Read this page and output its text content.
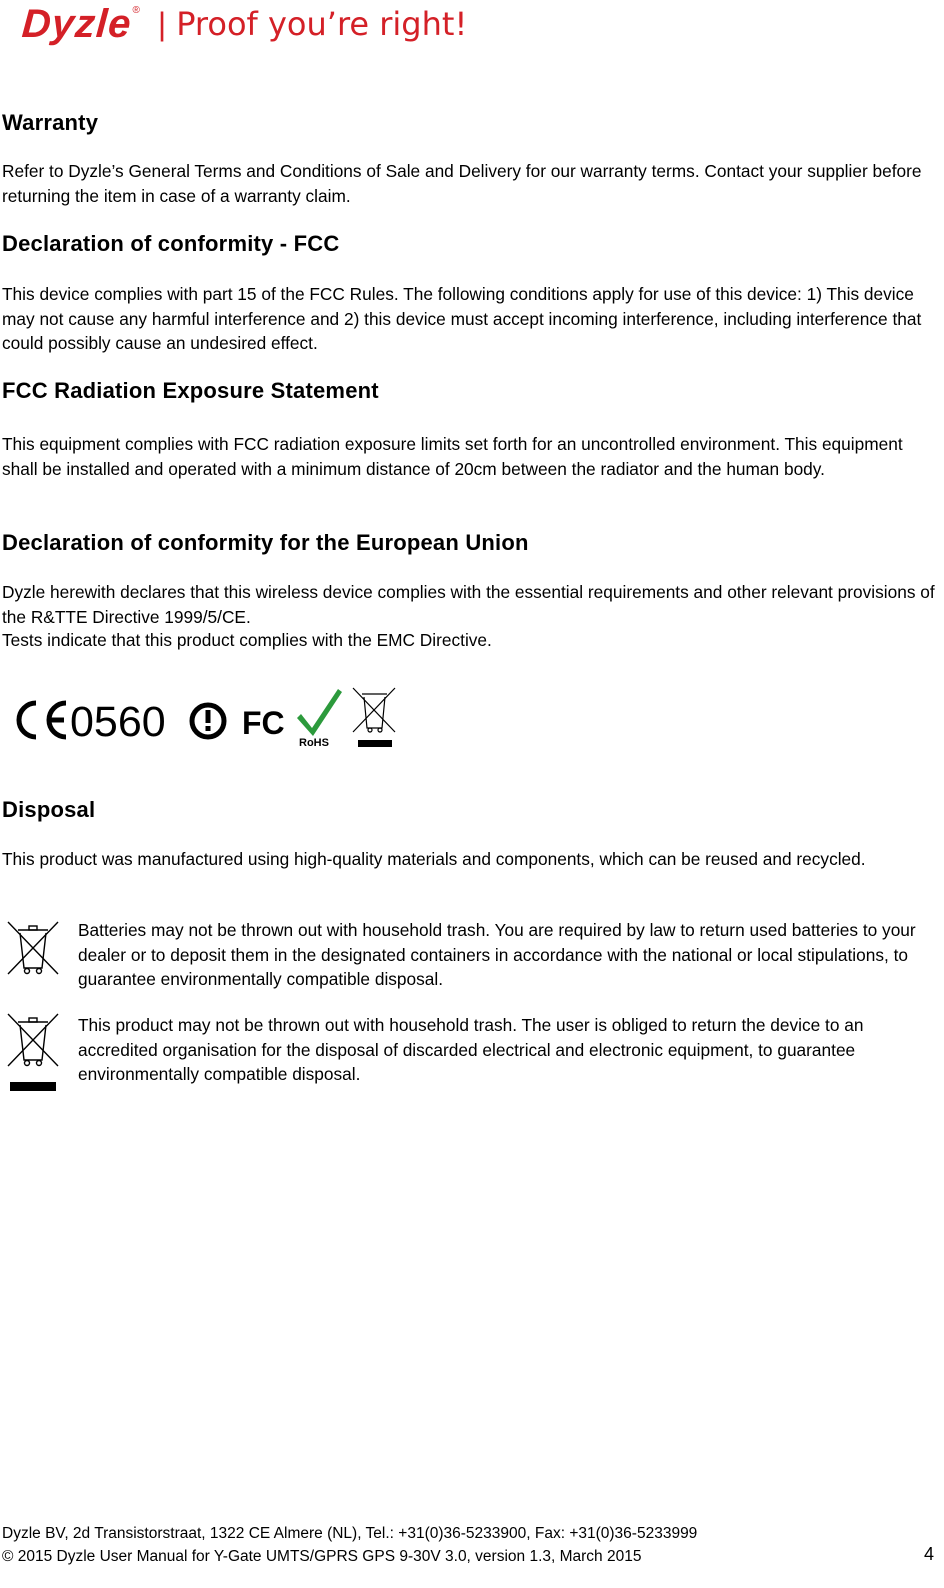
Dyzle ® | Proof you’re right!
Warranty

Refer to Dyzle’s General Terms and Conditions of Sale and Delivery for our warranty terms. Contact your supplier before returning the item in case of a warranty claim.

Declaration of conformity - FCC

This device complies with part 15 of the FCC Rules. The following conditions apply for use of this device: 1) This device may not cause any harmful interference and 2) this device must accept incoming interference, including interference that could possibly cause an undesired effect.

FCC Radiation Exposure Statement

This equipment complies with FCC radiation exposure limits set forth for an uncontrolled environment. This equipment shall be installed and operated with a minimum distance of 20cm between the radiator and the human body.

Declaration of conformity for the European Union

Dyzle herewith declares that this wireless device complies with the essential requirements and other relevant provisions of the R&TTE Directive 1999/5/CE.

Tests indicate that this product complies with the EMC Directive.

0560 FC
RoHS
Disposal

This product was manufactured using high-quality materials and components, which can be reused and recycled.

Batteries may not be thrown out with household trash. You are required by law to return used batteries to your dealer or to deposit them in the designated containers in accordance with the national or local stipulations, to guarantee environmentally compatible disposal.

This product may not be thrown out with household trash. The user is obliged to return the device to an accredited organisation for the disposal of discarded electrical and electronic equipment, to guarantee environmentally compatible disposal.

Dyzle BV, 2d Transistorstraat, 1322 CE Almere (NL), Tel.: +31(0)36-5233900, Fax: +31(0)36-5233999
© 2015 Dyzle User Manual for Y-Gate UMTS/GPRS GPS 9-30V 3.0, version 1.3, March 2015	4
